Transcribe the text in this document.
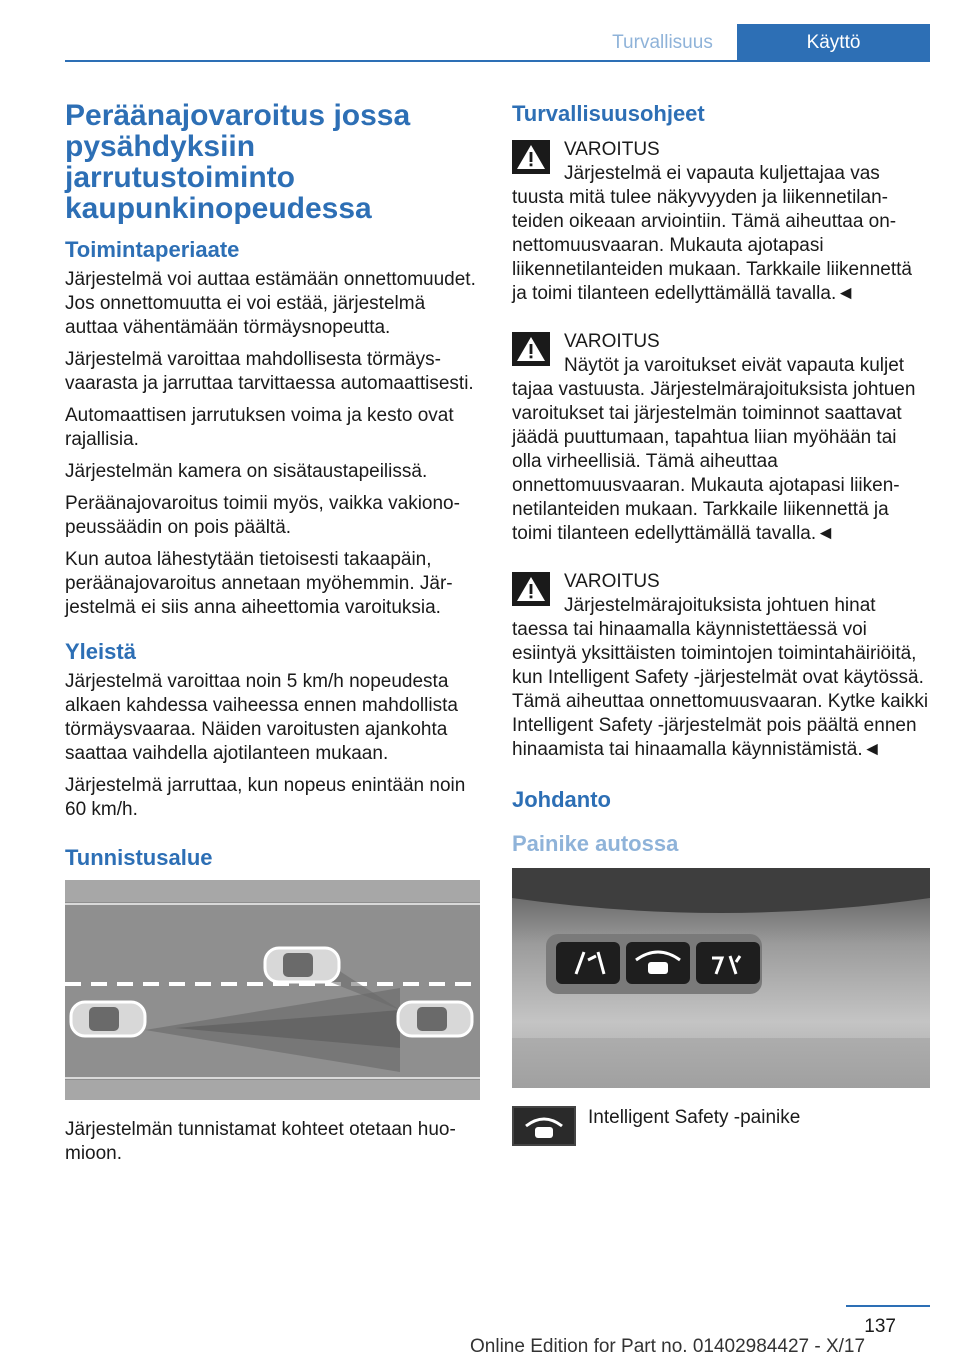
Turvallisuus	Käyttö
Peräänajovaroitus jossa pysähdyksiin jarrutustoiminto kaupunkinopeudessa
Toimintaperiaate

Järjestelmä voi auttaa estämään onnettomuudet. Jos onnettomuutta ei voi estää, järjestelmä auttaa vähentämään törmäysnopeutta.

Järjestelmä varoittaa mahdollisesta törmäysvaarasta ja jarruttaa tarvittaessa automaattisesti.

Automaattisen jarrutuksen voima ja kesto ovat rajallisia.

Järjestelmän kamera on sisätaustapeilissä.

Peräänajovaroitus toimii myös, vaikka vakionopeussäädin on pois päältä.

Kun autoa lähestytään tietoisesti takaapäin, peräänajovaroitus annetaan myöhemmin. Järjestelmä ei siis anna aiheettomia varoituksia.

Yleistä

Järjestelmä varoittaa noin 5 km/h nopeudesta alkaen kahdessa vaiheessa ennen mahdollista törmäysvaaraa. Näiden varoitusten ajankohta saattaa vaihdella ajotilanteen mukaan.

Järjestelmä jarruttaa, kun nopeus enintään noin 60 km/h.

Tunnistusalue

Järjestelmän tunnistamat kohteet otetaan huomioon.

Turvallisuusohjeet
VAROITUS

Järjestelmä ei vapauta kuljettajaa vas

tuusta mitä tulee näkyvyyden ja liikennetilanteiden oikeaan arviointiin. Tämä aiheuttaa onnettomuusvaaran. Mukauta ajotapasi liikennetilanteiden mukaan. Tarkkaile liikennettä ja toimi tilanteen edellyttämällä tavalla.◄

VAROITUS

Näytöt ja varoitukset eivät vapauta kuljet

tajaa vastuusta. Järjestelmärajoituksista johtuen varoitukset tai järjestelmän toiminnot saattavat jäädä puuttumaan, tapahtua liian myöhään tai olla virheellisiä. Tämä aiheuttaa onnettomuusvaaran. Mukauta ajotapasi liikennetilanteiden mukaan. Tarkkaile liikennettä ja toimi tilanteen edellyttämällä tavalla.◄

VAROITUS

Järjestelmärajoituksista johtuen hinat

taessa tai hinaamalla käynnistettäessä voi esiintyä yksittäisten toimintojen toimintahäiriöitä, kun Intelligent Safety ‑järjestelmät ovat käytössä. Tämä aiheuttaa onnettomuusvaaran. Kytke kaikki Intelligent Safety ‑järjestelmät pois päältä ennen hinaamista tai hinaamalla käynnistämistä.◄

Johdanto
Painike autossa
Intelligent Safety ‑painike
137
Online Edition for Part no. 01402984427 - X/17
